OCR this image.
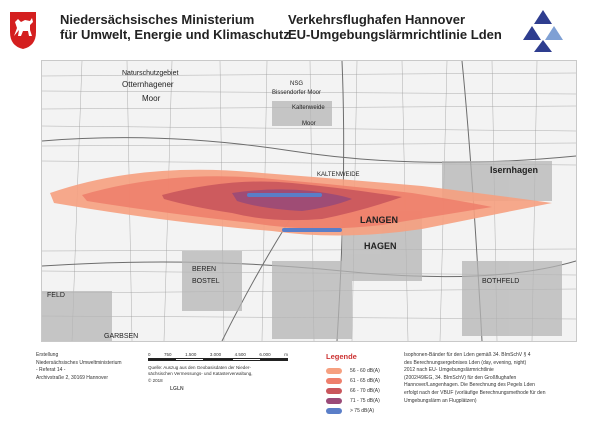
Niedersächsisches Ministerium
für Umwelt, Energie und Klimaschutz
Verkehrsflughafen Hannover
EU-Umgebungslärmrichtlinie Lden
Naturschutzgebiet
Otternhagener
Moor
NSG
Bissendorfer Moor
Kaltenweide
Moor
Isernhagen
LANGEN
HAGEN
BEREN
BOSTEL	BOTHFELD
GARBSEN
FELD
KALTENWEIDE
Erstellung
Niedersächsisches Umweltministerium
- Referat 14 -
Archivstraße 2, 30169 Hannover
0	750	1.500	3.000	4.500	6.000	m
Quelle: Auszug aus den Geobasisdaten der Nieder-
sächsischen Vermessungs- und Katasterverwaltung,
© 2018
LGLN
Legende
56 - 60 dB(A)
61 - 65 dB(A)
66 - 70 dB(A)
71 - 75 dB(A)
> 75 dB(A)
Isophonen-Bänder für den Lden gemäß 34. BImSchV § 4
des Berechnungsergebnises Lden (day, evening, night)
2012 nach EU- Umgebungslärmrichtlinie
(2002/49/EG, 34. BImSchV) für den Großflughafen
Hannover/Langenhagen. Die Berechnung des Pegels Lden
erfolgt nach der VBUF (vorläufige Berechnungsmethode für den
Umgebungslärm an Flugplätzen)
